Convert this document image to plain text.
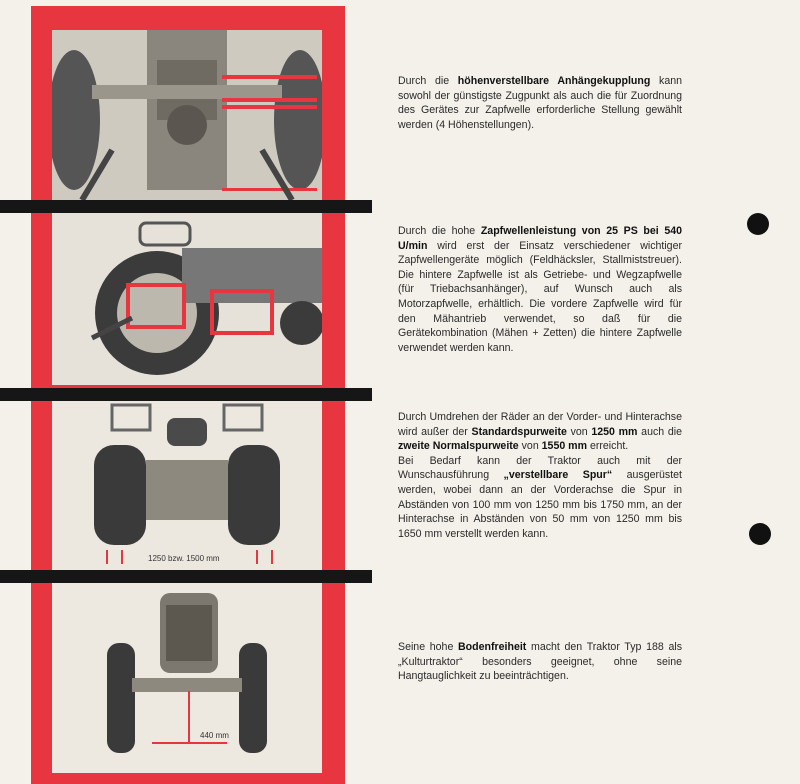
1250 bzw. 1500 mm
440 mm
Durch die höhenverstellbare Anhängekupplung kann sowohl der günstigste Zugpunkt als auch die für Zuordnung des Gerätes zur Zapfwelle erforderliche Stellung gewählt werden (4 Höhenstellungen).
Durch die hohe Zapfwellenleistung von 25 PS bei 540 U/min wird erst der Einsatz verschiedener wichtiger Zapfwellengeräte möglich (Feldhäcksler, Stallmiststreuer). Die hintere Zapfwelle ist als Getriebe- und Wegzapfwelle (für Triebachsanhänger), auf Wunsch auch als Motorzapfwelle, erhältlich. Die vordere Zapfwelle wird für den Mähantrieb verwendet, so daß für die Gerätekombination (Mähen + Zetten) die hintere Zapfwelle verwendet werden kann.
Durch Umdrehen der Räder an der Vorder- und Hinterachse wird außer der Standardspurweite von 1250 mm auch die zweite Normalspurweite von 1550 mm erreicht.
Bei Bedarf kann der Traktor auch mit der Wunschausführung „verstellbare Spur“ ausgerüstet werden, wobei dann an der Vorderachse die Spur in Abständen von 100 mm von 1250 mm bis 1750 mm, an der Hinterachse in Abständen von 50 mm von 1250 mm bis 1650 mm verstellt werden kann.
Seine hohe Bodenfreiheit macht den Traktor Typ 188 als „Kulturtraktor“ besonders geeignet, ohne seine Hangtauglichkeit zu beeinträchtigen.
